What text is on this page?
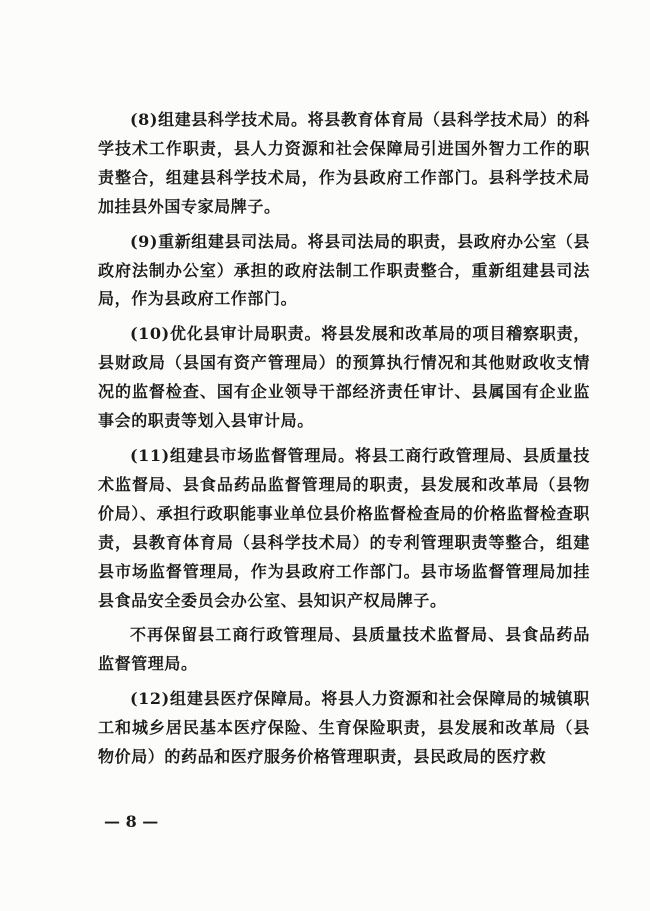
(8)组建县科学技术局。将县教育体育局（县科学技术局）的科学技术工作职责，县人力资源和社会保障局引进国外智力工作的职责整合，组建县科学技术局，作为县政府工作部门。县科学技术局加挂县外国专家局牌子。

(9)重新组建县司法局。将县司法局的职责，县政府办公室（县政府法制办公室）承担的政府法制工作职责整合，重新组建县司法局，作为县政府工作部门。

(10)优化县审计局职责。将县发展和改革局的项目稽察职责，县财政局（县国有资产管理局）的预算执行情况和其他财政收支情况的监督检查、国有企业领导干部经济责任审计、县属国有企业监事会的职责等划入县审计局。

(11)组建县市场监督管理局。将县工商行政管理局、县质量技术监督局、县食品药品监督管理局的职责，县发展和改革局（县物价局）、承担行政职能事业单位县价格监督检查局的价格监督检查职责，县教育体育局（县科学技术局）的专利管理职责等整合，组建县市场监督管理局，作为县政府工作部门。县市场监督管理局加挂县食品安全委员会办公室、县知识产权局牌子。

不再保留县工商行政管理局、县质量技术监督局、县食品药品监督管理局。

(12)组建县医疗保障局。将县人力资源和社会保障局的城镇职工和城乡居民基本医疗保险、生育保险职责，县发展和改革局（县物价局）的药品和医疗服务价格管理职责，县民政局的医疗救

— 8 —
